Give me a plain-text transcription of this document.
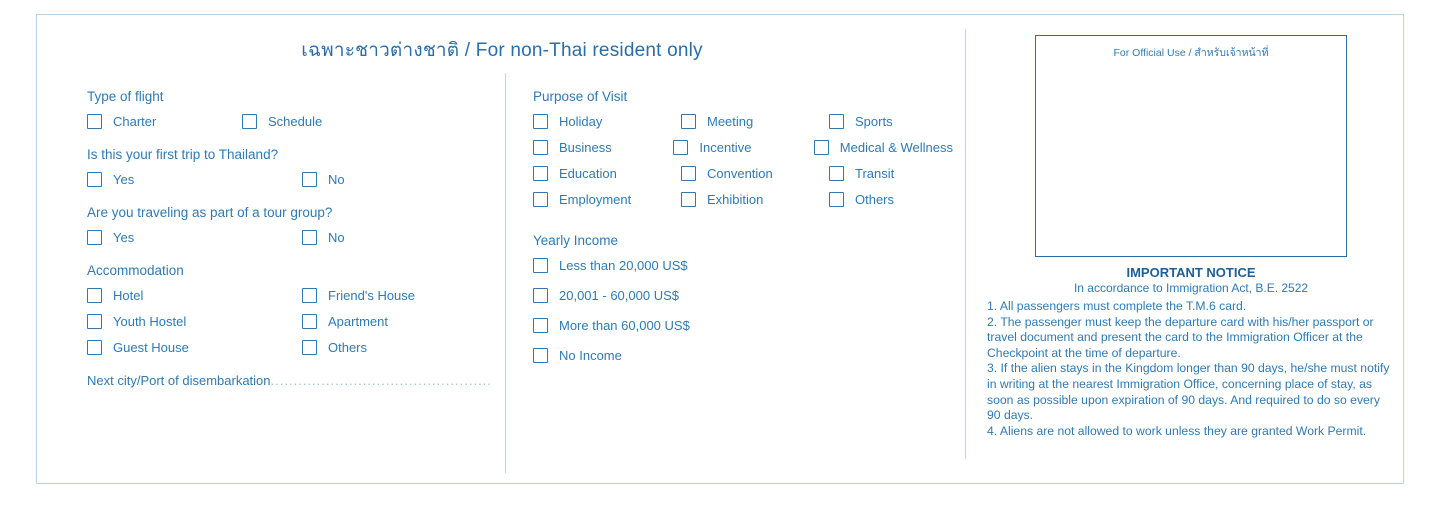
เฉพาะชาวต่างชาติ / For non-Thai resident only
Type of flight
Charter	Schedule
Is this your first trip to Thailand?
Yes	No
Are you traveling as part of a tour group?
Yes	No
Accommodation
Hotel	Friend's House
Youth Hostel	Apartment
Guest House	Others
Next city/Port of disembarkation................................................
Purpose of Visit
Holiday	Meeting	Sports
Business	Incentive	Medical & Wellness
Education	Convention	Transit
Employment	Exhibition	Others
Yearly Income
Less than 20,000 US$
20,001 - 60,000 US$
More than 60,000 US$
No Income
For Official Use / สำหรับเจ้าหน้าที่
IMPORTANT NOTICE
In accordance to Immigration Act, B.E. 2522

1. All passengers must complete the T.M.6 card.

2. The passenger must keep the departure card with his/her passport or travel document and present the card to the Immigration Officer at the Checkpoint at the time of departure.

3. If the alien stays in the Kingdom longer than 90 days, he/she must notify in writing at the nearest Immigration Office, concerning place of stay, as soon as possible upon expiration of 90 days. And required to do so every 90 days.

4. Aliens are not allowed to work unless they are granted Work Permit.
